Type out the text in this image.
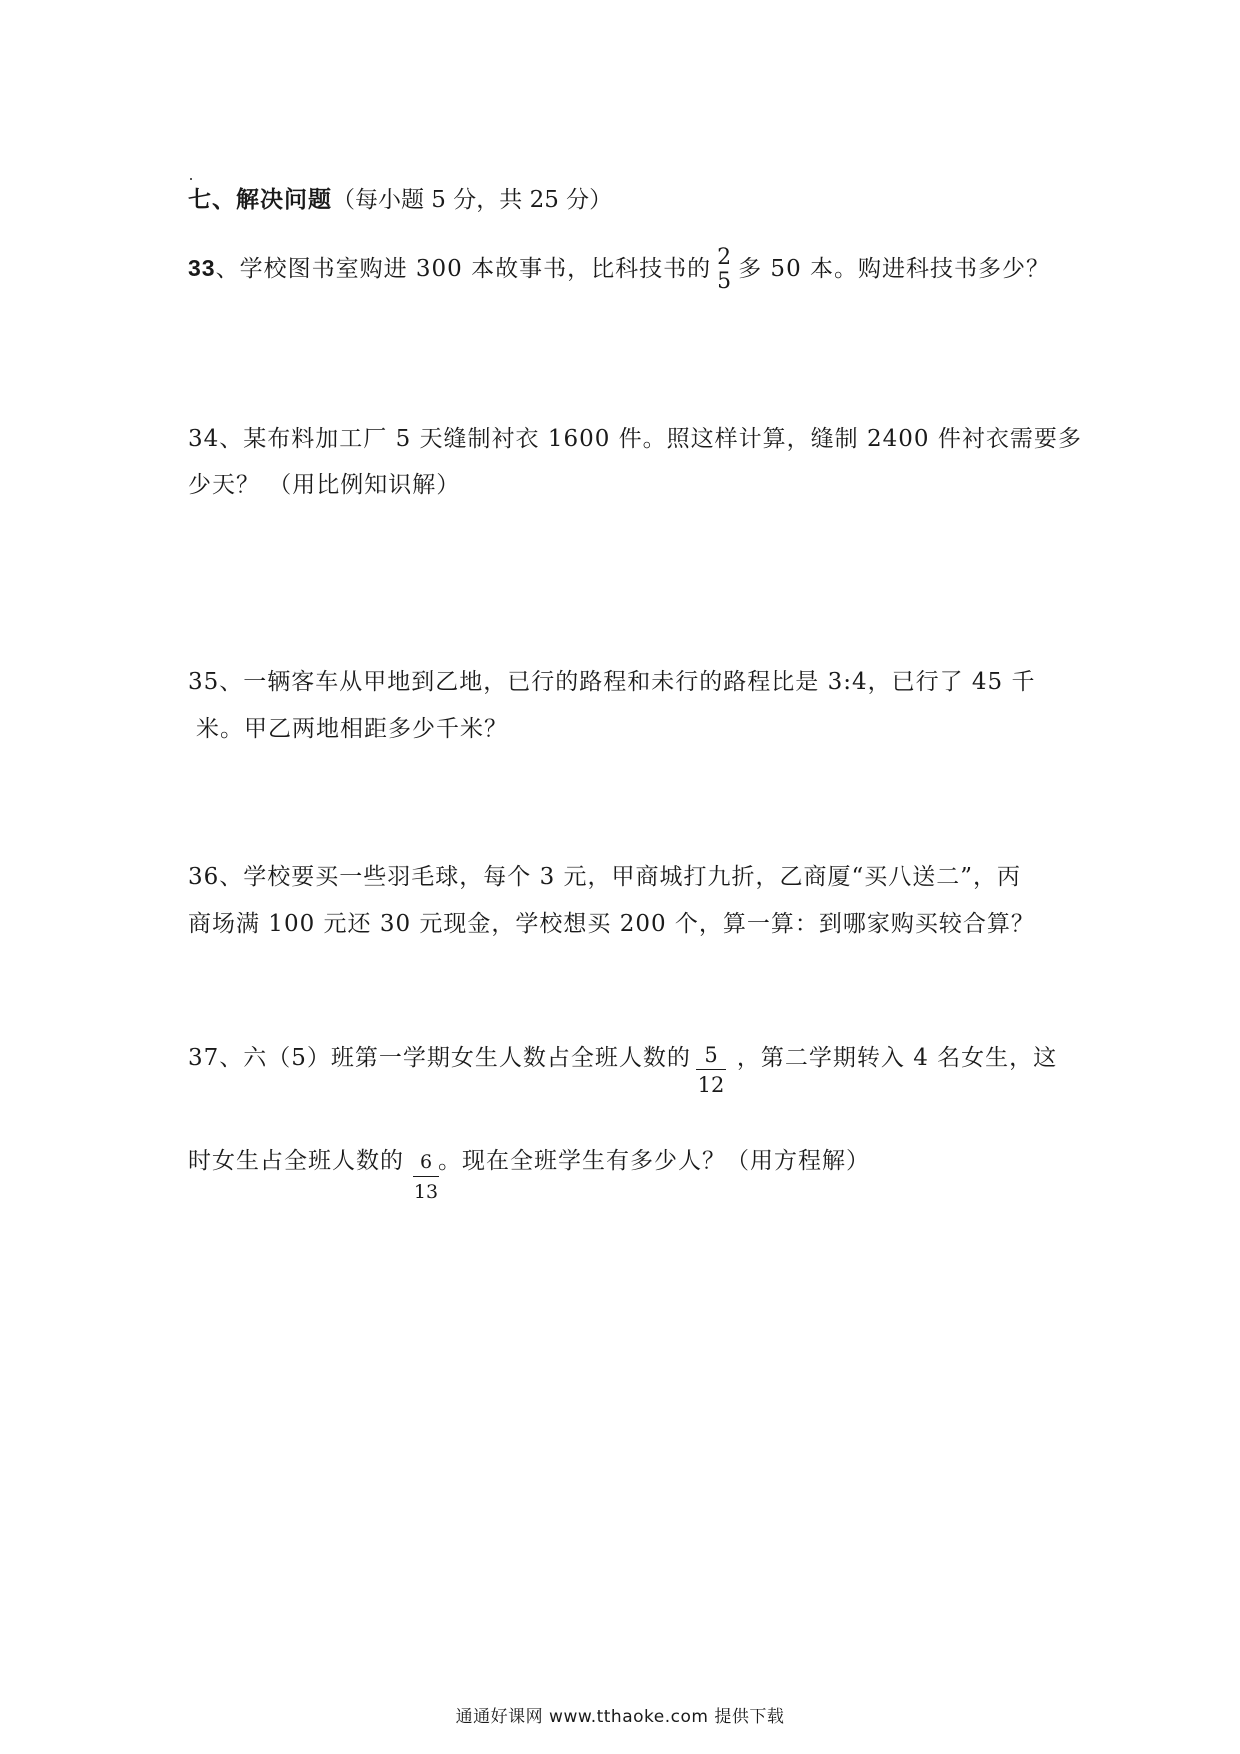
七、解决问题（每小题 5 分，共 25 分）
33、学校图书室购进 300 本故事书，比科技书的 2
5 多 50 本。购进科技书多少？
34、某布料加工厂 5 天缝制衬衣 1600 件。照这样计算，缝制 2400 件衬衣需要多
少天？ （用比例知识解）
35、一辆客车从甲地到乙地，已行的路程和未行的路程比是 3:4，已行了 45 千
米。甲乙两地相距多少千米？
36、学校要买一些羽毛球，每个 3 元，甲商城打九折，乙商厦“买八送二”，丙
商场满 100 元还 30 元现金，学校想买 200 个，算一算：到哪家购买较合算？
37、六（5）班第一学期女生人数占全班人数的 ，第二学期转入 4 名女生，这
$\frac{5}{12}$
时女生占全班人数的 。现在全班学生有多少人？（用方程解）
$\frac{6}{13}$
通通好课网 www.tthaoke.com 提供下载
